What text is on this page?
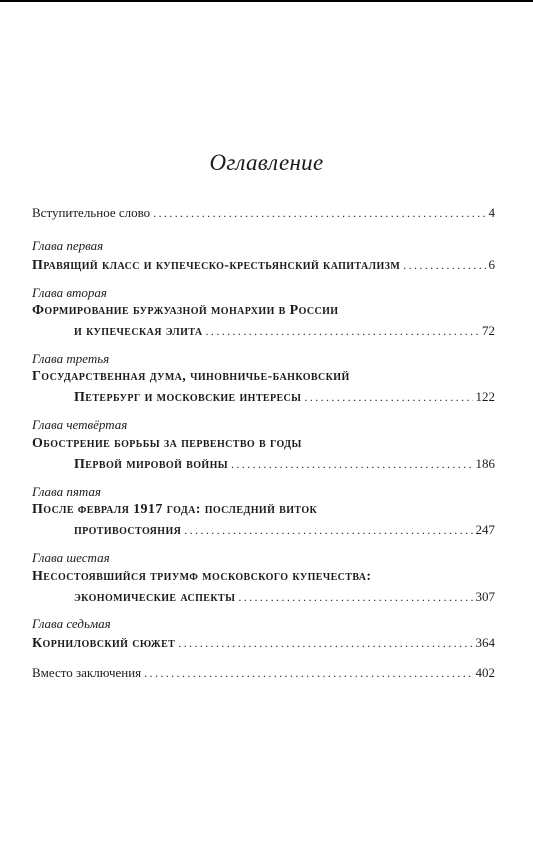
Оглавление
Вступительное слово .....	4
Глава первая
Правящий класс и купеческо-крестьянский капитализм .....	6
Глава вторая
Формирование буржуазной монархии в России
и купеческая элита .....	72
Глава третья
Государственная дума, чиновничье-банковский
Петербург и московские интересы .....	122
Глава четвёртая
Обострение борьбы за первенство в годы
Первой мировой войны .....	186
Глава пятая
После февраля 1917 года: последний виток
противостояния .....	247
Глава шестая
Несостоявшийся триумф московского купечества:
экономические аспекты .....	307
Глава седьмая
Корниловский сюжет .....	364
Вместо заключения .....	402
